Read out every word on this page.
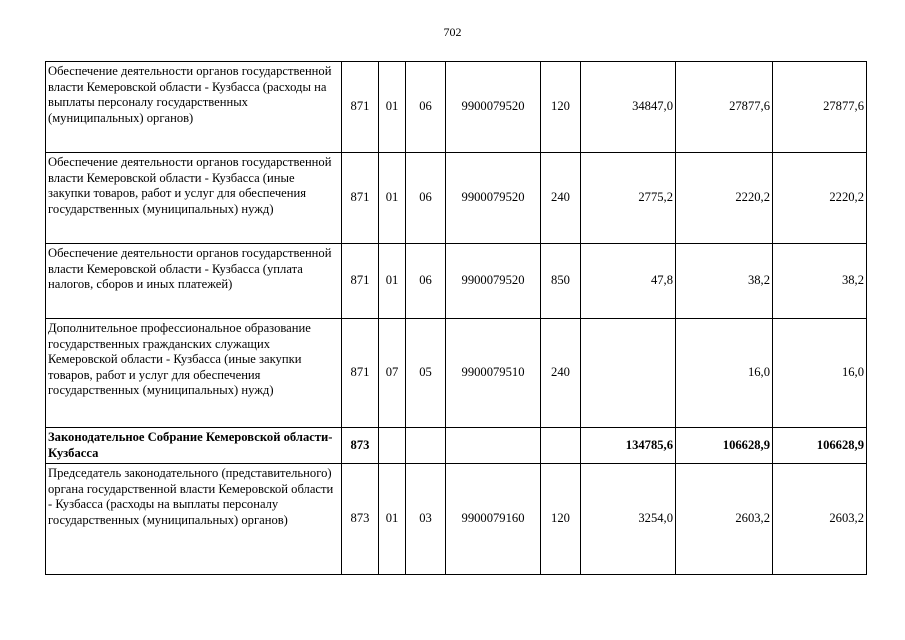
702
Обеспечение деятельности органов государственной власти Кемеровской области - Кузбасса (расходы на выплаты персоналу государственных (муниципальных) органов)	871	01	06	9900079520	120	34847,0	27877,6	27877,6
Обеспечение деятельности органов государственной власти Кемеровской области - Кузбасса (иные закупки товаров, работ и услуг для обеспечения государственных (муниципальных) нужд)	871	01	06	9900079520	240	2775,2	2220,2	2220,2
Обеспечение деятельности органов государственной власти Кемеровской области - Кузбасса (уплата налогов, сборов и иных платежей)	871	01	06	9900079520	850	47,8	38,2	38,2
Дополнительное профессиональное образование государственных гражданских служащих Кемеровской области - Кузбасса (иные закупки товаров, работ и услуг для обеспечения государственных (муниципальных) нужд)	871	07	05	9900079510	240		16,0	16,0
Законодательное Собрание Кемеровской области-Кузбасса	873					134785,6	106628,9	106628,9
Председатель законодательного (представительного) органа государственной власти Кемеровской области - Кузбасса (расходы на выплаты персоналу государственных (муниципальных) органов)	873	01	03	9900079160	120	3254,0	2603,2	2603,2
